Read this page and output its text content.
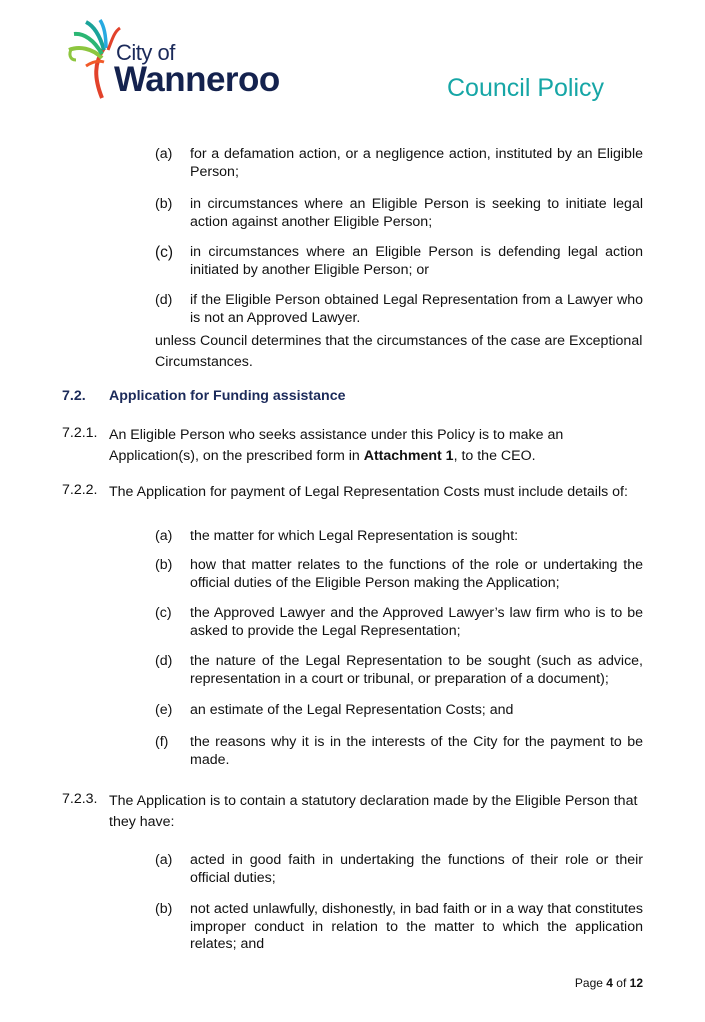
City of
Wanneroo	Council Policy
(a) for a defamation action, or a negligence action, instituted by an Eligible Person;
(b) in circumstances where an Eligible Person is seeking to initiate legal action against another Eligible Person;
(c) in circumstances where an Eligible Person is defending legal action initiated by another Eligible Person; or
(d) if the Eligible Person obtained Legal Representation from a Lawyer who is not an Approved Lawyer.
unless Council determines that the circumstances of the case are Exceptional Circumstances.
7.2. Application for Funding assistance
7.2.1. An Eligible Person who seeks assistance under this Policy is to make an Application(s), on the prescribed form in Attachment 1, to the CEO.
7.2.2. The Application for payment of Legal Representation Costs must include details of:
(a) the matter for which Legal Representation is sought:
(b) how that matter relates to the functions of the role or undertaking the official duties of the Eligible Person making the Application;
(c) the Approved Lawyer and the Approved Lawyer’s law firm who is to be asked to provide the Legal Representation;
(d) the nature of the Legal Representation to be sought (such as advice, representation in a court or tribunal, or preparation of a document);
(e) an estimate of the Legal Representation Costs; and
(f) the reasons why it is in the interests of the City for the payment to be made.
7.2.3. The Application is to contain a statutory declaration made by the Eligible Person that they have:
(a) acted in good faith in undertaking the functions of their role or their official duties;
(b) not acted unlawfully, dishonestly, in bad faith or in a way that constitutes improper conduct in relation to the matter to which the application relates; and
Page 4 of 12
